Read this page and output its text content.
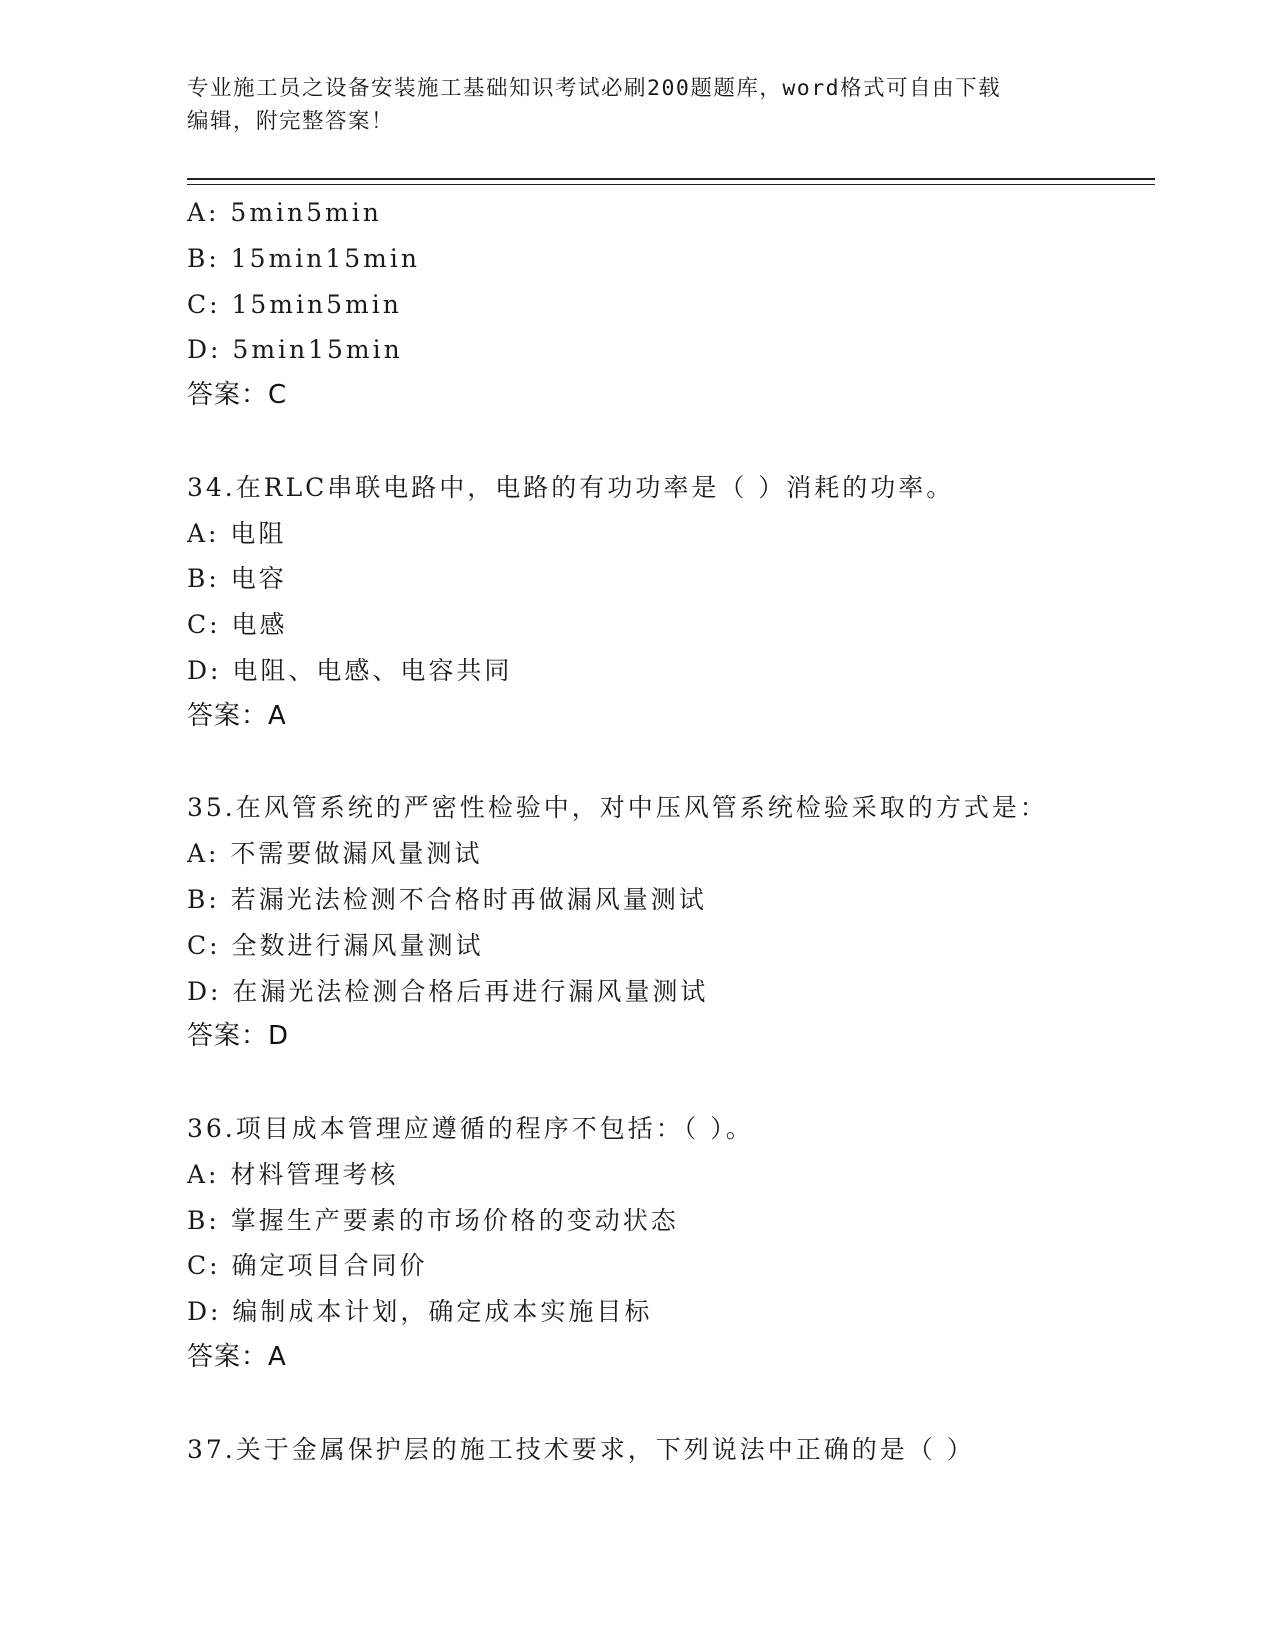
专业施工员之设备安装施工基础知识考试必刷200题题库，word格式可自由下载
编辑，附完整答案！
A: 5min5min
B: 15min15min
C: 15min5min
D: 5min15min
答案：C
34.在RLC串联电路中，电路的有功功率是（ ）消耗的功率。
A: 电阻
B: 电容
C: 电感
D: 电阻、电感、电容共同
答案：A
35.在风管系统的严密性检验中，对中压风管系统检验采取的方式是：
A: 不需要做漏风量测试
B: 若漏光法检测不合格时再做漏风量测试
C: 全数进行漏风量测试
D: 在漏光法检测合格后再进行漏风量测试
答案：D
36.项目成本管理应遵循的程序不包括：（ ）。
A: 材料管理考核
B: 掌握生产要素的市场价格的变动状态
C: 确定项目合同价
D: 编制成本计划，确定成本实施目标
答案：A
37.关于金属保护层的施工技术要求，下列说法中正确的是（ ）
